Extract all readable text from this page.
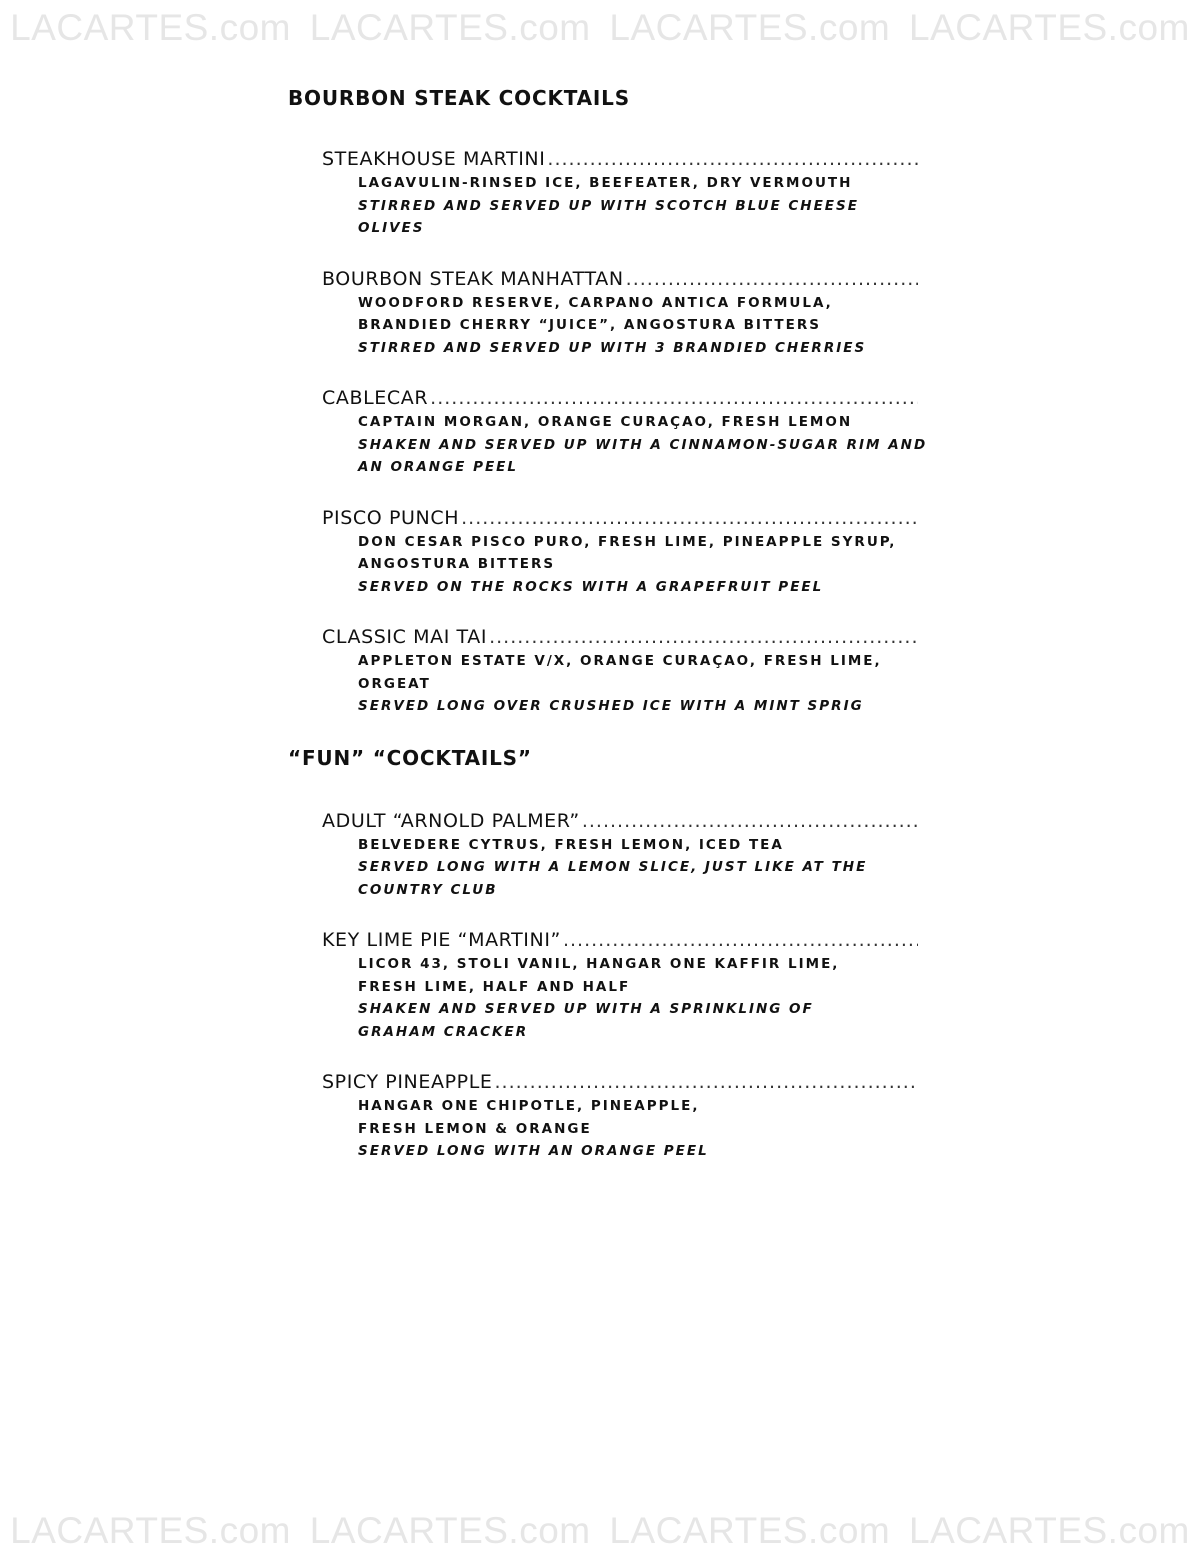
LACARTES.com LACARTES.com LACARTES.com LACARTES.com
BOURBON STEAK COCKTAILS
STEAKHOUSE MARTINI
.....
LAGAVULIN-RINSED ICE, BEEFEATER, DRY VERMOUTH
STIRRED AND SERVED UP WITH SCOTCH BLUE CHEESE
OLIVES
BOURBON STEAK MANHATTAN
.....
WOODFORD RESERVE, CARPANO ANTICA FORMULA,
BRANDIED CHERRY “JUICE”, ANGOSTURA BITTERS
STIRRED AND SERVED UP WITH 3 BRANDIED CHERRIES
CABLECAR
.....
CAPTAIN MORGAN, ORANGE CURAÇAO, FRESH LEMON
SHAKEN AND SERVED UP WITH A CINNAMON-SUGAR RIM AND
AN ORANGE PEEL
PISCO PUNCH
.....
DON CESAR PISCO PURO, FRESH LIME, PINEAPPLE SYRUP,
ANGOSTURA BITTERS
SERVED ON THE ROCKS WITH A GRAPEFRUIT PEEL
CLASSIC MAI TAI
.....
APPLETON ESTATE V/X, ORANGE CURAÇAO, FRESH LIME,
ORGEAT
SERVED LONG OVER CRUSHED ICE WITH A MINT SPRIG
“FUN” “COCKTAILS”
ADULT “ARNOLD PALMER”
.....
BELVEDERE CYTRUS, FRESH LEMON, ICED TEA
SERVED LONG WITH A LEMON SLICE, JUST LIKE AT THE
COUNTRY CLUB
KEY LIME PIE “MARTINI”
.....
LICOR 43, STOLI VANIL, HANGAR ONE KAFFIR LIME,
FRESH LIME, HALF AND HALF
SHAKEN AND SERVED UP WITH A SPRINKLING OF
GRAHAM CRACKER
SPICY PINEAPPLE
.....
HANGAR ONE CHIPOTLE, PINEAPPLE,
FRESH LEMON & ORANGE
SERVED LONG WITH AN ORANGE PEEL
LACARTES.com LACARTES.com LACARTES.com LACARTES.com
